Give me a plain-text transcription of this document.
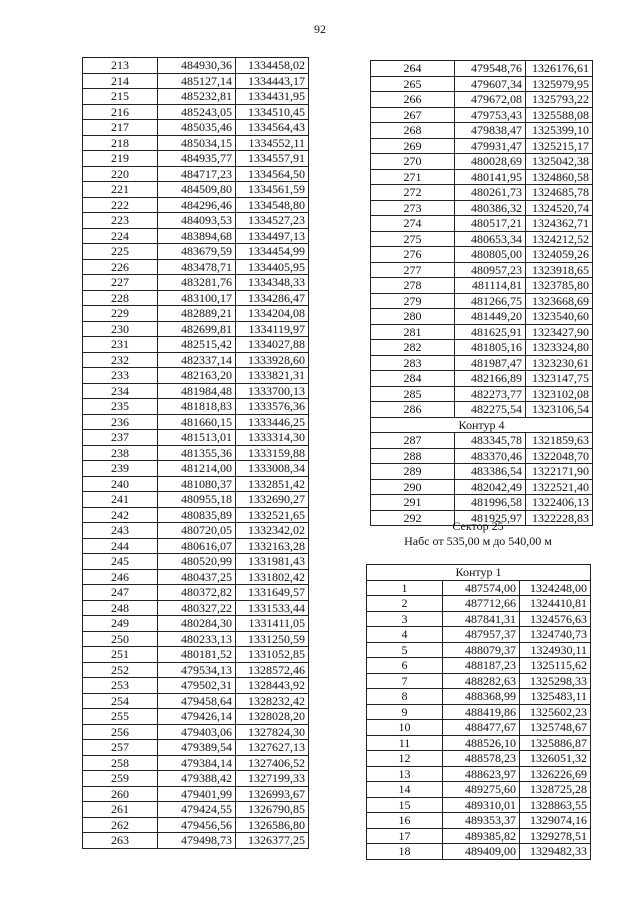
92
213	484930,36	1334458,02
214	485127,14	1334443,17
215	485232,81	1334431,95
216	485243,05	1334510,45
217	485035,46	1334564,43
218	485034,15	1334552,11
219	484935,77	1334557,91
220	484717,23	1334564,50
221	484509,80	1334561,59
222	484296,46	1334548,80
223	484093,53	1334527,23
224	483894,68	1334497,13
225	483679,59	1334454,99
226	483478,71	1334405,95
227	483281,76	1334348,33
228	483100,17	1334286,47
229	482889,21	1334204,08
230	482699,81	1334119,97
231	482515,42	1334027,88
232	482337,14	1333928,60
233	482163,20	1333821,31
234	481984,48	1333700,13
235	481818,83	1333576,36
236	481660,15	1333446,25
237	481513,01	1333314,30
238	481355,36	1333159,88
239	481214,00	1333008,34
240	481080,37	1332851,42
241	480955,18	1332690,27
242	480835,89	1332521,65
243	480720,05	1332342,02
244	480616,07	1332163,28
245	480520,99	1331981,43
246	480437,25	1331802,42
247	480372,82	1331649,57
248	480327,22	1331533,44
249	480284,30	1331411,05
250	480233,13	1331250,59
251	480181,52	1331052,85
252	479534,13	1328572,46
253	479502,31	1328443,92
254	479458,64	1328232,42
255	479426,14	1328028,20
256	479403,06	1327824,30
257	479389,54	1327627,13
258	479384,14	1327406,52
259	479388,42	1327199,33
260	479401,99	1326993,67
261	479424,55	1326790,85
262	479456,56	1326586,80
263	479498,73	1326377,25
264	479548,76	1326176,61
265	479607,34	1325979,95
266	479672,08	1325793,22
267	479753,43	1325588,08
268	479838,47	1325399,10
269	479931,47	1325215,17
270	480028,69	1325042,38
271	480141,95	1324860,58
272	480261,73	1324685,78
273	480386,32	1324520,74
274	480517,21	1324362,71
275	480653,34	1324212,52
276	480805,00	1324059,26
277	480957,23	1323918,65
278	481114,81	1323785,80
279	481266,75	1323668,69
280	481449,20	1323540,60
281	481625,91	1323427,90
282	481805,16	1323324,80
283	481987,47	1323230,61
284	482166,89	1323147,75
285	482273,77	1323102,08
286	482275,54	1323106,54
Контур 4		
287	483345,78	1321859,63
288	483370,46	1322048,70
289	483386,54	1322171,90
290	482042,49	1322521,40
291	481996,58	1322406,13
292	481925,97	1322228,83
Сектор 25
Набс от 535,00 м до 540,00 м
Контур 1		
1	487574,00	1324248,00
2	487712,66	1324410,81
3	487841,31	1324576,63
4	487957,37	1324740,73
5	488079,37	1324930,11
6	488187,23	1325115,62
7	488282,63	1325298,33
8	488368,99	1325483,11
9	488419,86	1325602,23
10	488477,67	1325748,67
11	488526,10	1325886,87
12	488578,23	1326051,32
13	488623,97	1326226,69
14	489275,60	1328725,28
15	489310,01	1328863,55
16	489353,37	1329074,16
17	489385,82	1329278,51
18	489409,00	1329482,33
